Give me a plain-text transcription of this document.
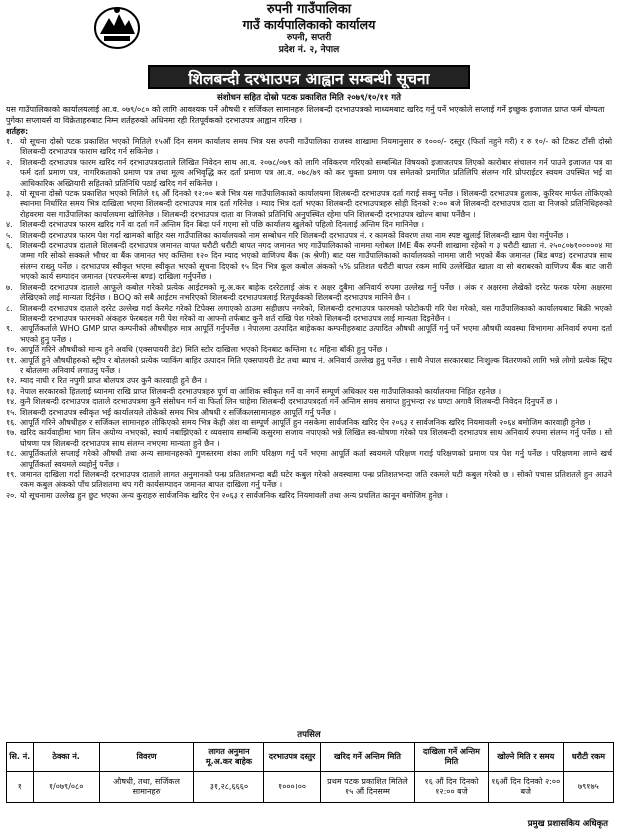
रुपनी गाउँपालिका
गाउँ कार्यपालिकाको कार्यालय
रुपनी, सप्तरी
प्रदेश नं. २, नेपाल
शिलबन्दी दरभाउपत्र आह्वान सम्बन्धी सूचना
संशोधन सहित दोस्रो पटक प्रकाशित मिति २०७९/१०/११ गते
यस गाउँपालिकाको कार्यालयलाई आ.व. ०७९/०८० को लागि आवश्यक पर्ने औषधी र सर्जिकल सामानहरु शिलबन्दी दरभाउपत्रको माध्यमबाट खरिद गर्नु पर्ने भएकोले सप्लाई गर्ने इच्छुक इजाजत प्राप्त फर्म योग्यता पुगेका सप्लायर्स वा विक्रेताहरुबाट निम्न शर्तहरुको अधिनमा रही रितपूर्वकको दरभाउपत्र आह्वान गरिन्छ ।
शर्तहरु:
१. यो सूचना दोस्रो पटक प्रकाशित भएको मितिले १५औं दिन समम कार्यालय समय भित्र यस रुपनी गाउँपालिका राजस्व शाखामा नियमानुसार रु १०००/- दस्तुर (फिर्ता नहुने गरी) र रु १०/- को टिकट टाँसी दोस्रो शिलबन्दी दरभाउपत्र फाराम खरिद गर्न सकिनेछ ।
२. शिलबन्दी दरभाउपत्र फारम खरिद गर्न दरभाउपत्रदाताले लिखित निवेदन साथ आ.व. २०७८/०७९ को लागि नविकरण गरिएको सम्बन्धित विषयको इजाजतपत्र लिएको कारोबार संचालन गर्न पाउने इजाजत पत्र वा फर्म दर्ता प्रमाण पत्र, नागरिकताको प्रमाण पत्र तथा मूल्य अभिवृद्धि कर दर्ता प्रमाण पत्र आ.व. ०७८/७९ को कर चुक्ता प्रमाण पत्र समेतको प्रमाणित प्रतिलिपि संलग्न गरि प्रोपराईटर स्वयम उपस्थित भई वा आधिकारिक अख्तियारी सहितको प्रतिनिधि पठाई खरिद गर्न सकिनेछ ।
३. यो सूचना दोस्रो पटक प्रकाशित भएको मितिले १६ औं दिनको १२:०० बजे भित्र यस गाउँपालिकाको कार्यालयमा शिलबन्दी दरभाउपत्र दर्ता गराई सक्नु पर्नेछ । शिलबन्दी दरभाउपत्र हुलाक, कुरियर मार्फत तोकिएको स्थानमा निर्धारित समय भित्र दाखिला भएमा शिलबन्दी दरभाउपत्र मात्र दर्ता गरिनेछ । म्याद भित्र दर्ता भएका शिलबन्दी दरभाउपत्रहरु सोही दिनको २:०० बजे शिलबन्दी दरभाउपत्र दाता वा निजको प्रतिनिधिहरुको रोहवरमा यस गाउँपालिका कार्यालयमा खोलिनेछ । शिलबन्दी दरभाउपत्र दाता वा निजको प्रतिनिधि अनुपस्थित रहेमा पनि शिलबन्दी दरभाउपत्र खोल्न बाधा पर्नेछैन ।
४. शिलबन्दी दरभाउपत्र फारम खरिद गर्ने वा दर्ता गर्ने अन्तिम दिन बिदा पर्न गएमा सो पछि कार्यालय खुलेको पहिलो दिनलाई अन्तिम दिन मानिनेछ ।
५. शिलबन्दी दरभाउपत्र फारम पेश गर्दा खामको बाहिर यस गाउँपालिका कार्यालयको नाम सम्बोधन गरि शिलबन्दी दरभाउपत्र नं. र कामको विवरण तथा नाम स्पष्ट खुलाई शिलबन्दी खाम पेश गर्नुपर्नेछ ।
६. शिलबन्दी दरभाउपत्र दाताले शिलबन्दी दरभाउपत्र जमानत वापत घरौटी धरौटी बापत नगद जमानत भए गाउँपालिकाको नाममा ग्लोबल IME बैंक रुपनी शाखामा रहेको ग ३ घरौटी खाता नं. २५०८०७१०००००४ मा जम्मा गरि सोको सक्कले भौचर वा बैंक जमानत भए कम्तिमा १२० दिन म्याद भएको वाणिज्य बैंक (क श्रेणी) बाट यस गाउँपालिकाको कार्यालयको नाममा जारी भएको बैंक जमानत (बिड बण्ड) दरभाउपत्र साथ संलग्न राख्नु पर्नेछ । दरभाउपत्र स्वीकृत भएमा स्वीकृत भएको सूचना दिएको १५ दिन भित्र कूल कबोल अंकको ५% प्रतिशत धरौटी बापत रकम माथि उल्लेखित खाता वा सो बराबरको वाणिज्य बैंक बाट जारी भएको कार्य सम्पादन जमानत (परफरमेन्स बण्ड) दाखिला गर्नुपर्नेछ ।
७. शिलबन्दी दरभाउपत्र दाताले आफूले कबोल गरेको प्रत्येक आईटमको मू.अ.कर बाहेक दररेटलाई अंक र अक्षर दुबैमा अनिवार्य रुपमा उल्लेख गर्नु पर्नेछ । अंक र अक्षरमा लेखेको दररेट फरक परेमा अक्षरमा लेखिएको लाई मान्यता दिईनेछ । BOQ को सबै आईटम नभरिएको शिलबन्दी दरभाउपत्रलाई रितपूर्वकको शिलबन्दी दरभाउपत्र मानिने छैन ।
८. शिलबन्दी दरभाउपत्र दाताले दररेट उल्लेख गर्दा केरमेट गरेको टिपेक्स लगाएको ठाउमा सहीछाप नगरेको, शिलबन्दी दरभाउपत्र फारमको फोटोकपी गरि पेश गरेको, यस गाउँपालिकाको कार्यालयबाट बिक्री भएको शिलबन्दी दरभाउपत्र फारमको अंकहरु फेरबदल गरी पेश गरेको वा आफ्नो तर्फबाट कुनै शर्त राखि पेश गरेको शिलबन्दी दरभाउपत्र लाई मान्यता दिइनेछैन ।
९. आपूर्तिकर्ताले WHO GMP प्राप्त कम्पनीको औषधीहरु मात्र आपूर्ति गर्नुपर्नेछ । नेपालमा उत्पादित बाहेकका कम्पनीहरुबाट उत्पादित औषधी आपूर्ति गर्नु पर्ने भएमा औषधी व्यवस्था विभागमा अनिवार्य रुपमा दर्ता भएको हुनु पर्नेछ ।
१०. आपूर्ति गरिने औषधीको मान्य हुने अवधि (एक्सपायरी डेट) मिति स्टोर दाखिला भएको दिनबाट कम्तिमा १८ महिना बाँकी हुनु पर्नेछ ।
११. आपूर्ति हुने औषधीहरुको स्ट्रीप र बोतलको प्रत्येक प्याकिंग बाहिर उत्पादन मिति एक्सपायरी डेट तथा ब्याच नं. अनिवार्य उल्लेख हुनु पर्नेछ । साथै नेपाल सरकारबाट निःशुल्क वितरणको लागि भन्ने लोगो प्रत्येक स्ट्रिप र बोतलमा अनिवार्य लगाउनु पर्नेछ ।
१२. म्याद नाघी र रित नपुगी प्राप्त बोलपत्र उपर कुनै कारवाही हुने छैन ।
१३. नेपाल सरकारको हितलाई ध्यानमा राखि प्राप्त शिलबन्दी दरभाउपत्रहरु पूर्ण वा आंशिक स्वीकृत गर्ने वा नगर्ने सम्पूर्ण अधिकार यस गाउँपालिकाको कार्यालयमा निहित रहनेछ ।
१४. कुनै शिलबन्दी दरभाउपत्र दाताले दरभाउपत्रमा कुनै संसोधन गर्न वा फिर्ता लिन चाहेमा शिलबन्दी दरभाउपत्रदर्ता गर्ने अन्तिम समय समाप्त हुनुभन्दा २४ घण्टा अगावै शिलबन्दी निवेदन दिनुपर्ने छ ।
१५. शिलबन्दी दरभाउपत्र स्वीकृत भई कार्यालयले तोकेको समय भित्र औषधी र सर्जिकलसामानहरु आपूर्ति गर्नु पर्नेछ ।
१६. आपूर्ति गरिने औषधीहरु र सर्जिकल सामानहरु तोकिएको समय भित्र केही अंश वा सम्पूर्ण आपूर्ति हुन नसकेमा सार्वजनिक खरिद ऐन २०६३ र सार्वजनिक खरिद नियमावली २०६४ बमोजिम कारवाही हुनेछ ।
१७. खरिद कार्यवाहीमा भाग लिन अयोग्य नभएको, स्वार्थ नबाझिएको र व्यवसाय सम्बन्धि कसुरमा सजाय नपाएको भन्ने लिखित स्व-घोषणा गरेको पत्र शिलबन्दी दरभाउपत्र साथ अनिवार्य रुपमा संलग्न गर्नु पर्नेछ । सो घोषणा पत्र शिलबन्दी दरभाउपत्र साथ संलग्न नभएमा मान्यता हुने छैन ।
१८. आपूर्तिकर्ताले सप्लाई गरेको औषधी तथा अन्य सामानहरुको गुणस्तरमा शंका लागि परिक्षण गर्नु पर्ने भएमा आपूर्ति कर्ता स्वयमले परिक्षण गराई परिक्षणको प्रमाण पत्र पेश गर्नु पर्नेछ । परिक्षणमा लाग्ने खर्च आपूर्तिकर्ता स्वयमले व्यहोर्नु पर्नेछ ।
१९. जमानत दाखिला गर्दा शिलबन्दी दरभाउपत्र दाताले लागत अनुमानको पन्ध्र प्रतिशतभन्दा बढी घटेर कबुल गरेको अवस्थामा पन्ध्र प्रतिशतभन्दा जति रकमले घटी कबुल गरेको छ । सोको पचास प्रतिशतले हुन आउने रकम कबुल अंकको पाँच प्रतिशतमा थप गरी कार्यसम्पादन जमानत बापत दाखिला गर्नु पर्नेछ ।
२०. यो सूचनामा उल्लेख हुन छुट भएका अन्य कुराहरु सार्वजनिक खरिद ऐन २०६३ र सार्वजनिक खरिद नियमावली तथा अन्य प्रचलित कानून बमोजिम हुनेछ ।
तपसिल
सि. नं.	ठेक्का नं.	विवरण	लागत अनुमान मू.अ.कर बाहेक	दरभाउपत्र दस्तुर	खरिद गर्ने अन्तिम मिति	दाखिला गर्ने अन्तिम मिति	खोल्ने मिति र समय	धरौटी रकम
१	१/०७९/०८०	औषधी, तथा, सर्जिकल सामानहरु	३१,२८,६६६०	१०००।००	प्रथम पटक प्रकाशित मितिले १५ औं दिनसम्म	१६ औं दिन दिनको १२:०० बजे	१६औं दिन दिनको २:०० बजे	७९१७५
प्रमुख प्रशासकिय अधिकृत
